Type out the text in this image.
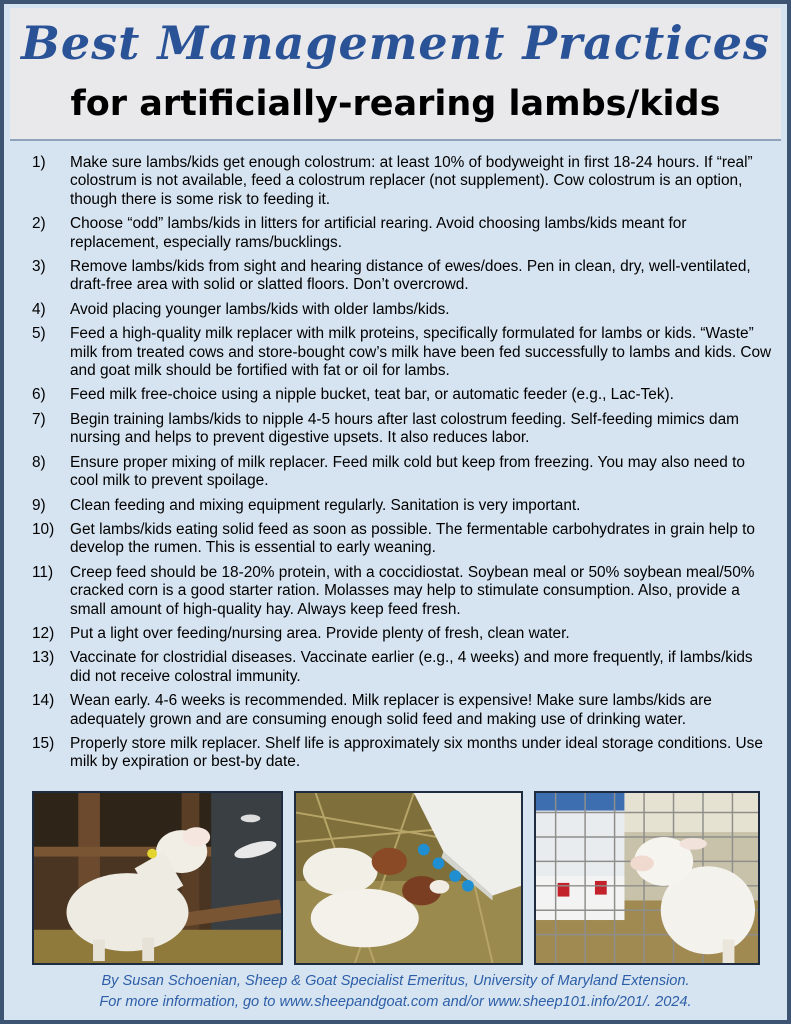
Best Management Practices
for artificially-rearing lambs/kids
1)	Make sure lambs/kids get enough colostrum: at least 10% of bodyweight in first 18-24 hours. If “real” colostrum is not available, feed a colostrum replacer (not supplement). Cow colostrum is an option, though there is some risk to feeding it.
2)	Choose “odd” lambs/kids in litters for artificial rearing. Avoid choosing lambs/kids meant for replacement, especially rams/bucklings.
3)	Remove lambs/kids from sight and hearing distance of ewes/does. Pen in clean, dry, well-ventilated, draft-free area with solid or slatted floors. Don’t overcrowd.
4)	Avoid placing younger lambs/kids with older lambs/kids.
5)	Feed a high-quality milk replacer with milk proteins, specifically formulated for lambs or kids. “Waste” milk from treated cows and store-bought cow’s milk have been fed successfully to lambs and kids. Cow and goat milk should be fortified with fat or oil for lambs.
6)	Feed milk free-choice using a nipple bucket, teat bar, or automatic feeder (e.g., Lac-Tek).
7)	Begin training lambs/kids to nipple 4-5 hours after last colostrum feeding. Self-feeding mimics dam nursing and helps to prevent digestive upsets. It also reduces labor.
8)	Ensure proper mixing of milk replacer. Feed milk cold but keep from freezing. You may also need to cool milk to prevent spoilage.
9)	Clean feeding and mixing equipment regularly. Sanitation is very important.
10)	Get lambs/kids eating solid feed as soon as possible. The fermentable carbohydrates in grain help to develop the rumen. This is essential to early weaning.
11)	Creep feed should be 18-20% protein, with a coccidiostat. Soybean meal or 50% soybean meal/50% cracked corn is a good starter ration. Molasses may help to stimulate consumption. Also, provide a small amount of high-quality hay. Always keep feed fresh.
12)	Put a light over feeding/nursing area. Provide plenty of fresh, clean water.
13)	Vaccinate for clostridial diseases. Vaccinate earlier (e.g., 4 weeks) and more frequently, if lambs/kids did not receive colostral immunity.
14)	Wean early. 4-6 weeks is recommended. Milk replacer is expensive! Make sure lambs/kids are adequately grown and are consuming enough solid feed and making use of drinking water.
15)	Properly store milk replacer. Shelf life is approximately six months under ideal storage conditions. Use milk by expiration or best-by date.
By Susan Schoenian, Sheep & Goat Specialist Emeritus, University of Maryland Extension.
For more information, go to www.sheepandgoat.com and/or www.sheep101.info/201/. 2024.
